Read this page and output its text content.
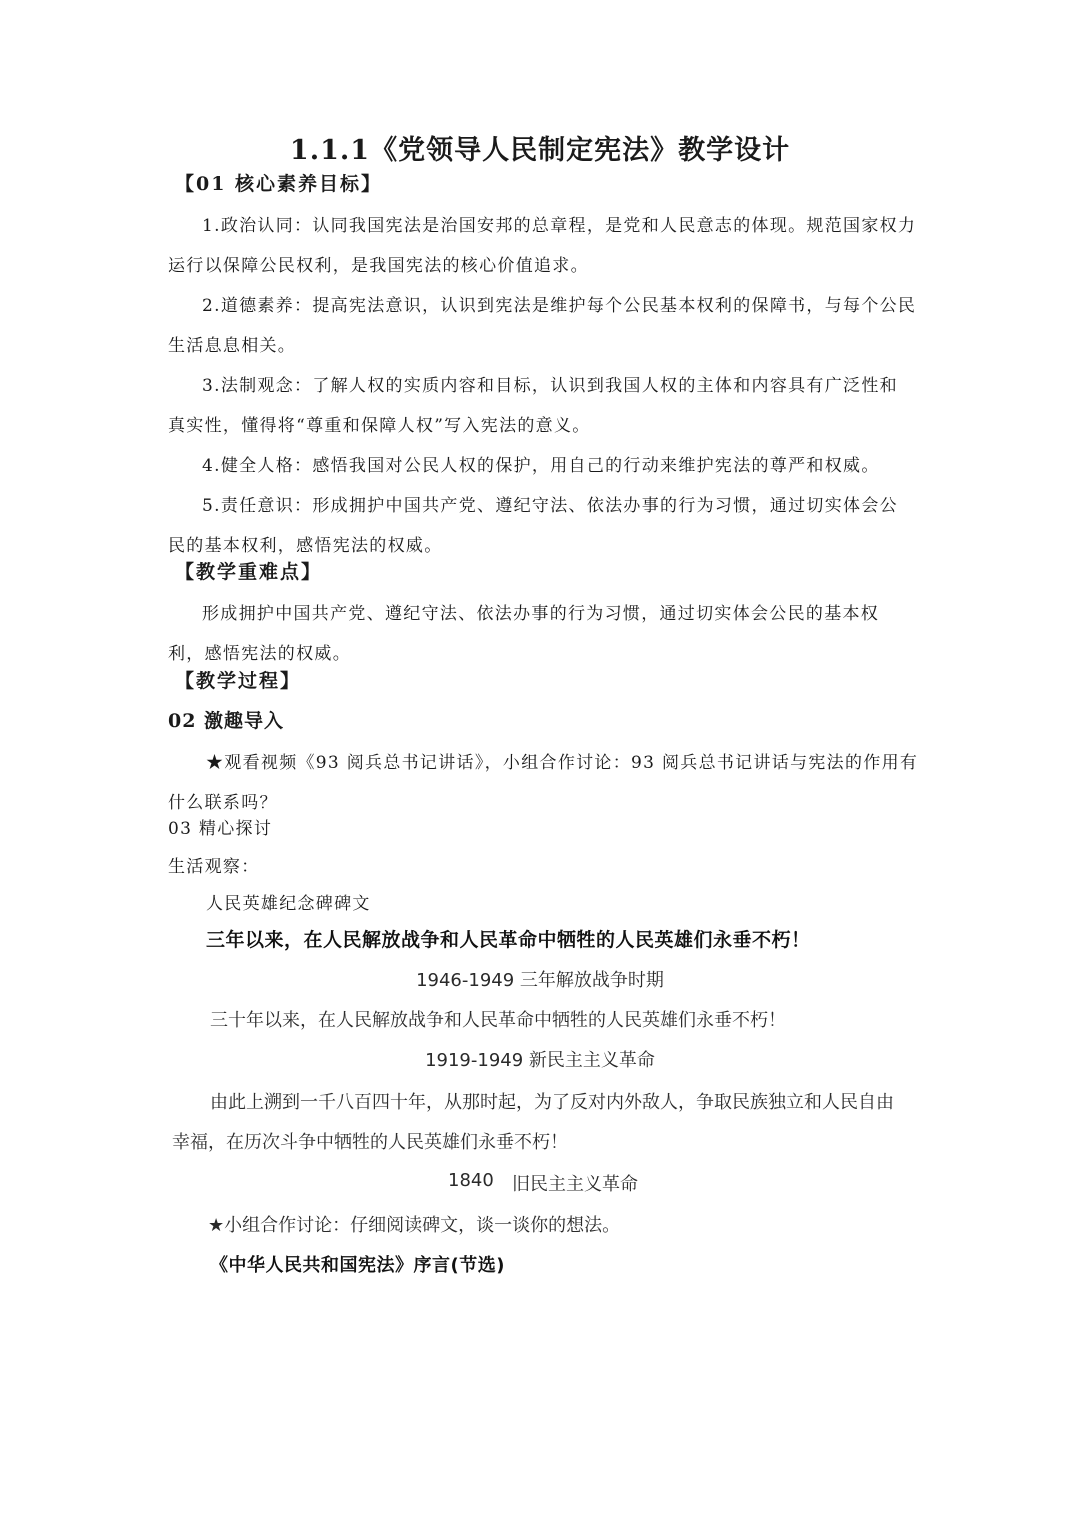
1.1.1《党领导人民制定宪法》教学设计
【01 核心素养目标】
1.政治认同：认同我国宪法是治国安邦的总章程，是党和人民意志的体现。规范国家权力
运行以保障公民权利，是我国宪法的核心价值追求。
2.道德素养：提高宪法意识，认识到宪法是维护每个公民基本权利的保障书，与每个公民
生活息息相关。
3.法制观念：了解人权的实质内容和目标，认识到我国人权的主体和内容具有广泛性和
真实性，懂得将“尊重和保障人权”写入宪法的意义。
4.健全人格：感悟我国对公民人权的保护，用自己的行动来维护宪法的尊严和权威。
5.责任意识：形成拥护中国共产党、遵纪守法、依法办事的行为习惯，通过切实体会公
民的基本权利，感悟宪法的权威。
【教学重难点】
形成拥护中国共产党、遵纪守法、依法办事的行为习惯，通过切实体会公民的基本权
利，感悟宪法的权威。
【教学过程】
02 激趣导入
★观看视频《93 阅兵总书记讲话》，小组合作讨论：93 阅兵总书记讲话与宪法的作用有
什么联系吗？
03 精心探讨
生活观察：
人民英雄纪念碑碑文
三年以来，在人民解放战争和人民革命中牺牲的人民英雄们永垂不朽！
1946-1949 三年解放战争时期
三十年以来，在人民解放战争和人民革命中牺牲的人民英雄们永垂不朽！
1919-1949 新民主主义革命
由此上溯到一千八百四十年，从那时起，为了反对内外敌人，争取民族独立和人民自由
幸福，在历次斗争中牺牲的人民英雄们永垂不朽！
1840 旧民主主义革命
★小组合作讨论：仔细阅读碑文，谈一谈你的想法。
《中华人民共和国宪法》序言(节选)
